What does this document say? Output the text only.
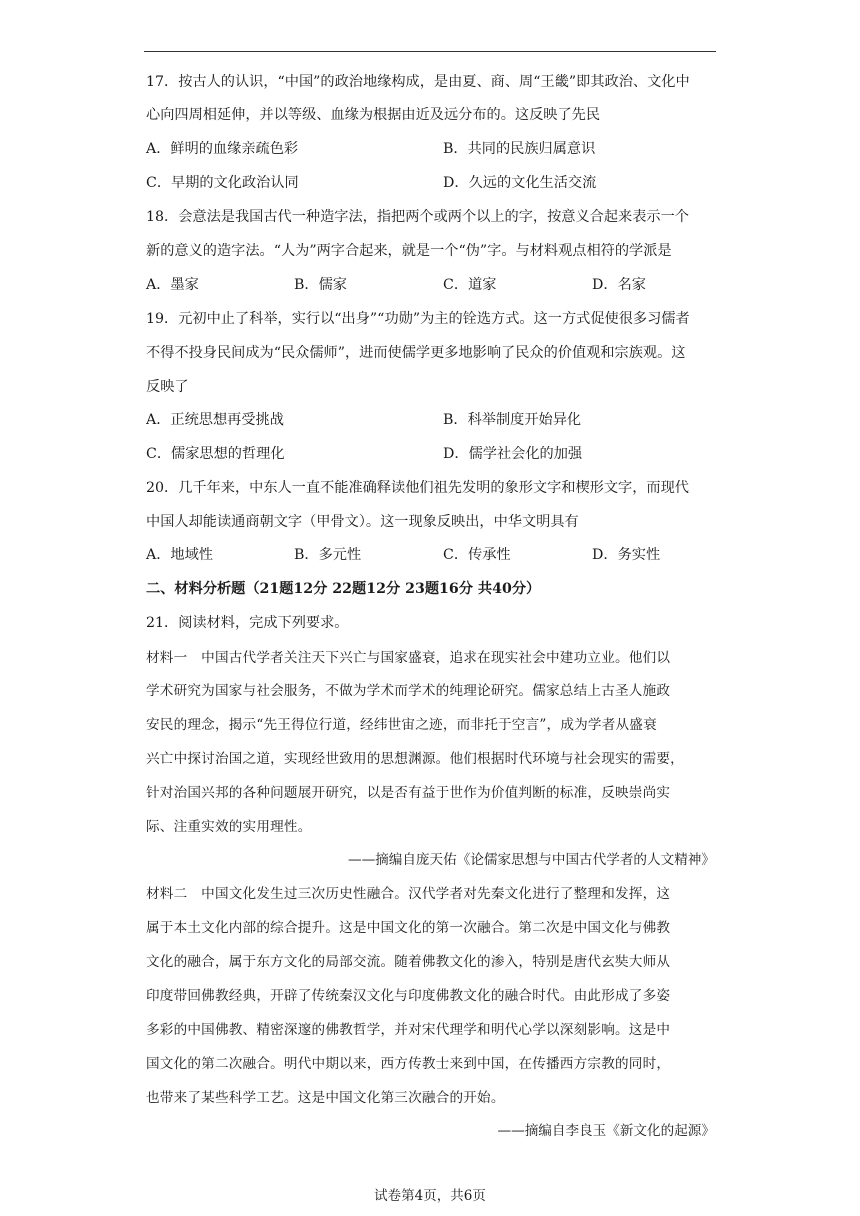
17．按古人的认识，“中国”的政治地缘构成，是由夏、商、周“王畿”即其政治、文化中
心向四周相延伸，并以等级、血缘为根据由近及远分布的。这反映了先民
A．鲜明的血缘亲疏色彩	B．共同的民族归属意识
C．早期的文化政治认同	D．久远的文化生活交流
18．会意法是我国古代一种造字法，指把两个或两个以上的字，按意义合起来表示一个
新的意义的造字法。“人为”两字合起来，就是一个“伪”字。与材料观点相符的学派是
A．墨家	B．儒家	C．道家	D．名家
19．元初中止了科举，实行以“出身”“功勋”为主的铨选方式。这一方式促使很多习儒者
不得不投身民间成为“民众儒师”，进而使儒学更多地影响了民众的价值观和宗族观。这
反映了
A．正统思想再受挑战	B．科举制度开始异化
C．儒家思想的哲理化	D．儒学社会化的加强
20．几千年来，中东人一直不能准确释读他们祖先发明的象形文字和楔形文字，而现代
中国人却能读通商朝文字（甲骨文）。这一现象反映出，中华文明具有
A．地域性	B．多元性	C．传承性	D．务实性
二、材料分析题（21题12分 22题12分 23题16分 共40分）
21．阅读材料，完成下列要求。
材料一　中国古代学者关注天下兴亡与国家盛衰，追求在现实社会中建功立业。他们以
学术研究为国家与社会服务，不做为学术而学术的纯理论研究。儒家总结上古圣人施政
安民的理念，揭示“先王得位行道，经纬世宙之迹，而非托于空言”，成为学者从盛衰
兴亡中探讨治国之道，实现经世致用的思想渊源。他们根据时代环境与社会现实的需要，
针对治国兴邦的各种问题展开研究，以是否有益于世作为价值判断的标准，反映崇尚实
际、注重实效的实用理性。
——摘编自庞天佑《论儒家思想与中国古代学者的人文精神》
材料二　中国文化发生过三次历史性融合。汉代学者对先秦文化进行了整理和发挥，这
属于本土文化内部的综合提升。这是中国文化的第一次融合。第二次是中国文化与佛教
文化的融合，属于东方文化的局部交流。随着佛教文化的渗入，特别是唐代玄奘大师从
印度带回佛教经典，开辟了传统秦汉文化与印度佛教文化的融合时代。由此形成了多姿
多彩的中国佛教、精密深邃的佛教哲学，并对宋代理学和明代心学以深刻影响。这是中
国文化的第二次融合。明代中期以来，西方传教士来到中国，在传播西方宗教的同时，
也带来了某些科学工艺。这是中国文化第三次融合的开始。
——摘编自李良玉《新文化的起源》
试卷第4页，共6页
